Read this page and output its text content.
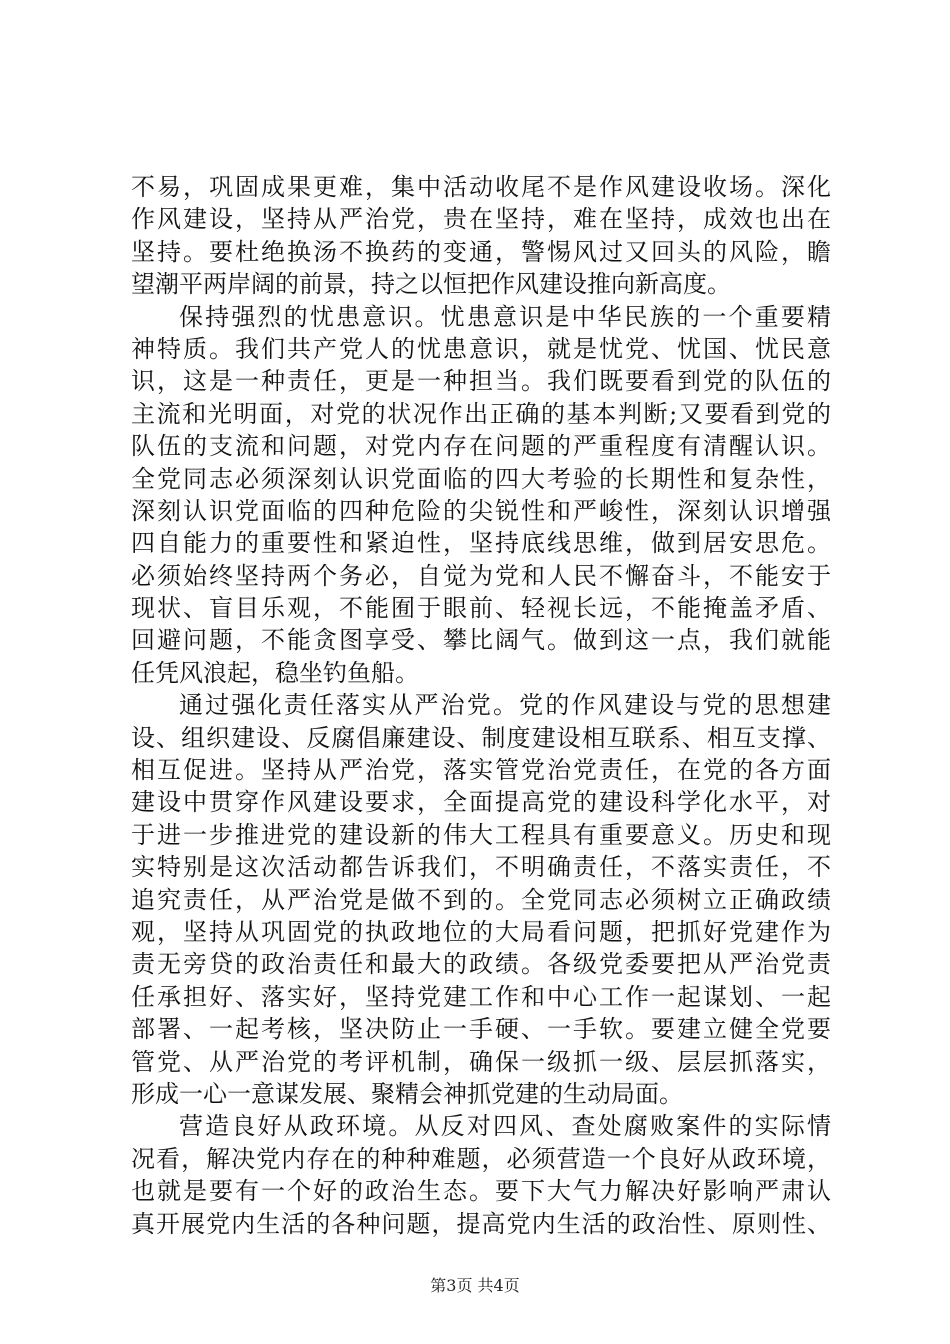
不易，巩固成果更难，集中活动收尾不是作风建设收场。深化
作风建设，坚持从严治党，贵在坚持，难在坚持，成效也出在
坚持。要杜绝换汤不换药的变通，警惕风过又回头的风险，瞻
望潮平两岸阔的前景，持之以恒把作风建设推向新高度。
保持强烈的忧患意识。忧患意识是中华民族的一个重要精
神特质。我们共产党人的忧患意识，就是忧党、忧国、忧民意
识，这是一种责任，更是一种担当。我们既要看到党的队伍的
主流和光明面，对党的状况作出正确的基本判断;又要看到党的
队伍的支流和问题，对党内存在问题的严重程度有清醒认识。
全党同志必须深刻认识党面临的四大考验的长期性和复杂性，
深刻认识党面临的四种危险的尖锐性和严峻性，深刻认识增强
四自能力的重要性和紧迫性，坚持底线思维，做到居安思危。
必须始终坚持两个务必，自觉为党和人民不懈奋斗，不能安于
现状、盲目乐观，不能囿于眼前、轻视长远，不能掩盖矛盾、
回避问题，不能贪图享受、攀比阔气。做到这一点，我们就能
任凭风浪起，稳坐钓鱼船。
通过强化责任落实从严治党。党的作风建设与党的思想建
设、组织建设、反腐倡廉建设、制度建设相互联系、相互支撑、
相互促进。坚持从严治党，落实管党治党责任，在党的各方面
建设中贯穿作风建设要求，全面提高党的建设科学化水平，对
于进一步推进党的建设新的伟大工程具有重要意义。历史和现
实特别是这次活动都告诉我们，不明确责任，不落实责任，不
追究责任，从严治党是做不到的。全党同志必须树立正确政绩
观，坚持从巩固党的执政地位的大局看问题，把抓好党建作为
责无旁贷的政治责任和最大的政绩。各级党委要把从严治党责
任承担好、落实好，坚持党建工作和中心工作一起谋划、一起
部署、一起考核，坚决防止一手硬、一手软。要建立健全党要
管党、从严治党的考评机制，确保一级抓一级、层层抓落实，
形成一心一意谋发展、聚精会神抓党建的生动局面。
营造良好从政环境。从反对四风、查处腐败案件的实际情
况看，解决党内存在的种种难题，必须营造一个良好从政环境，
也就是要有一个好的政治生态。要下大气力解决好影响严肃认
真开展党内生活的各种问题，提高党内生活的政治性、原则性、
第3页 共4页
